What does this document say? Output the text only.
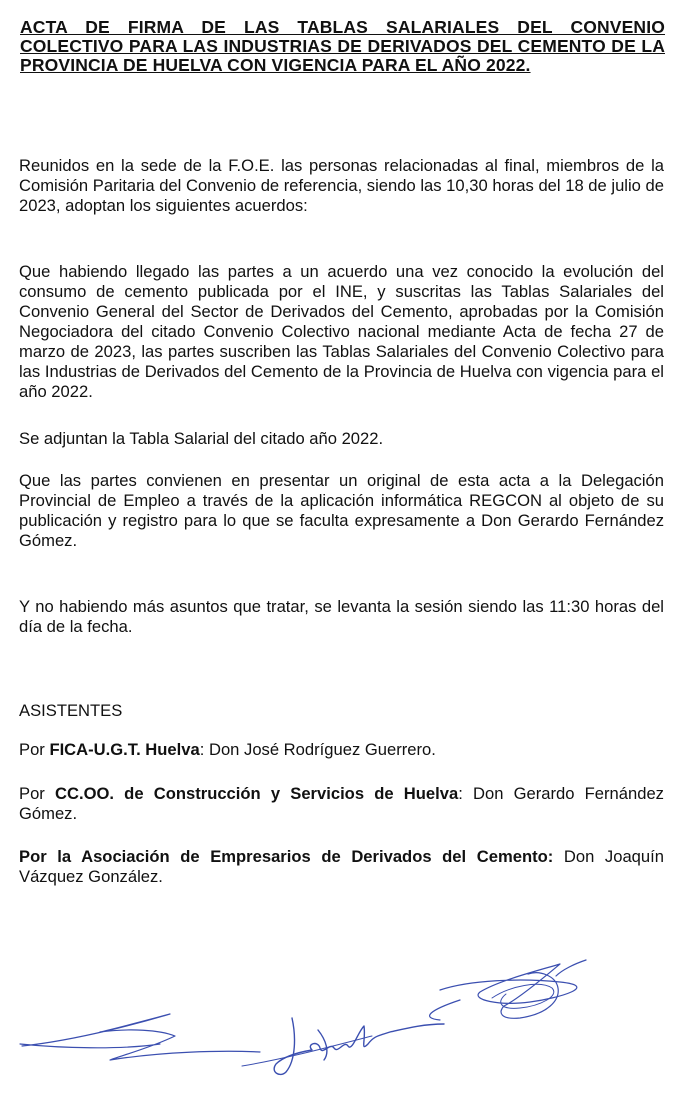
ACTA DE FIRMA DE LAS TABLAS SALARIALES DEL CONVENIO COLECTIVO PARA LAS INDUSTRIAS DE DERIVADOS DEL CEMENTO DE LA PROVINCIA DE HUELVA CON VIGENCIA PARA EL AÑO 2022.

Reunidos en la sede de la F.O.E. las personas relacionadas al final, miembros de la Comisión Paritaria del Convenio de referencia, siendo las 10,30 horas del 18 de julio de 2023, adoptan los siguientes acuerdos:

Que habiendo llegado las partes a un acuerdo una vez conocido la evolución del consumo de cemento publicada por el INE, y suscritas las Tablas Salariales del Convenio General del Sector de Derivados del Cemento, aprobadas por la Comisión Negociadora del citado Convenio Colectivo nacional mediante Acta de fecha 27 de marzo de 2023, las partes suscriben las Tablas Salariales del Convenio Colectivo para las Industrias de Derivados del Cemento de la Provincia de Huelva con vigencia para el año 2022.

Se adjuntan la Tabla Salarial del citado año 2022.

Que las partes convienen en presentar un original de esta acta a la Delegación Provincial de Empleo a través de la aplicación informática REGCON al objeto de su publicación y registro para lo que se faculta expresamente a Don Gerardo Fernández Gómez.

Y no habiendo más asuntos que tratar, se levanta la sesión siendo las 11:30 horas del día de la fecha.

ASISTENTES

Por FICA-U.G.T. Huelva: Don José Rodríguez Guerrero.

Por CC.OO. de Construcción y Servicios de Huelva: Don Gerardo Fernández Gómez.

Por la Asociación de Empresarios de Derivados del Cemento: Don Joaquín Vázquez González.
